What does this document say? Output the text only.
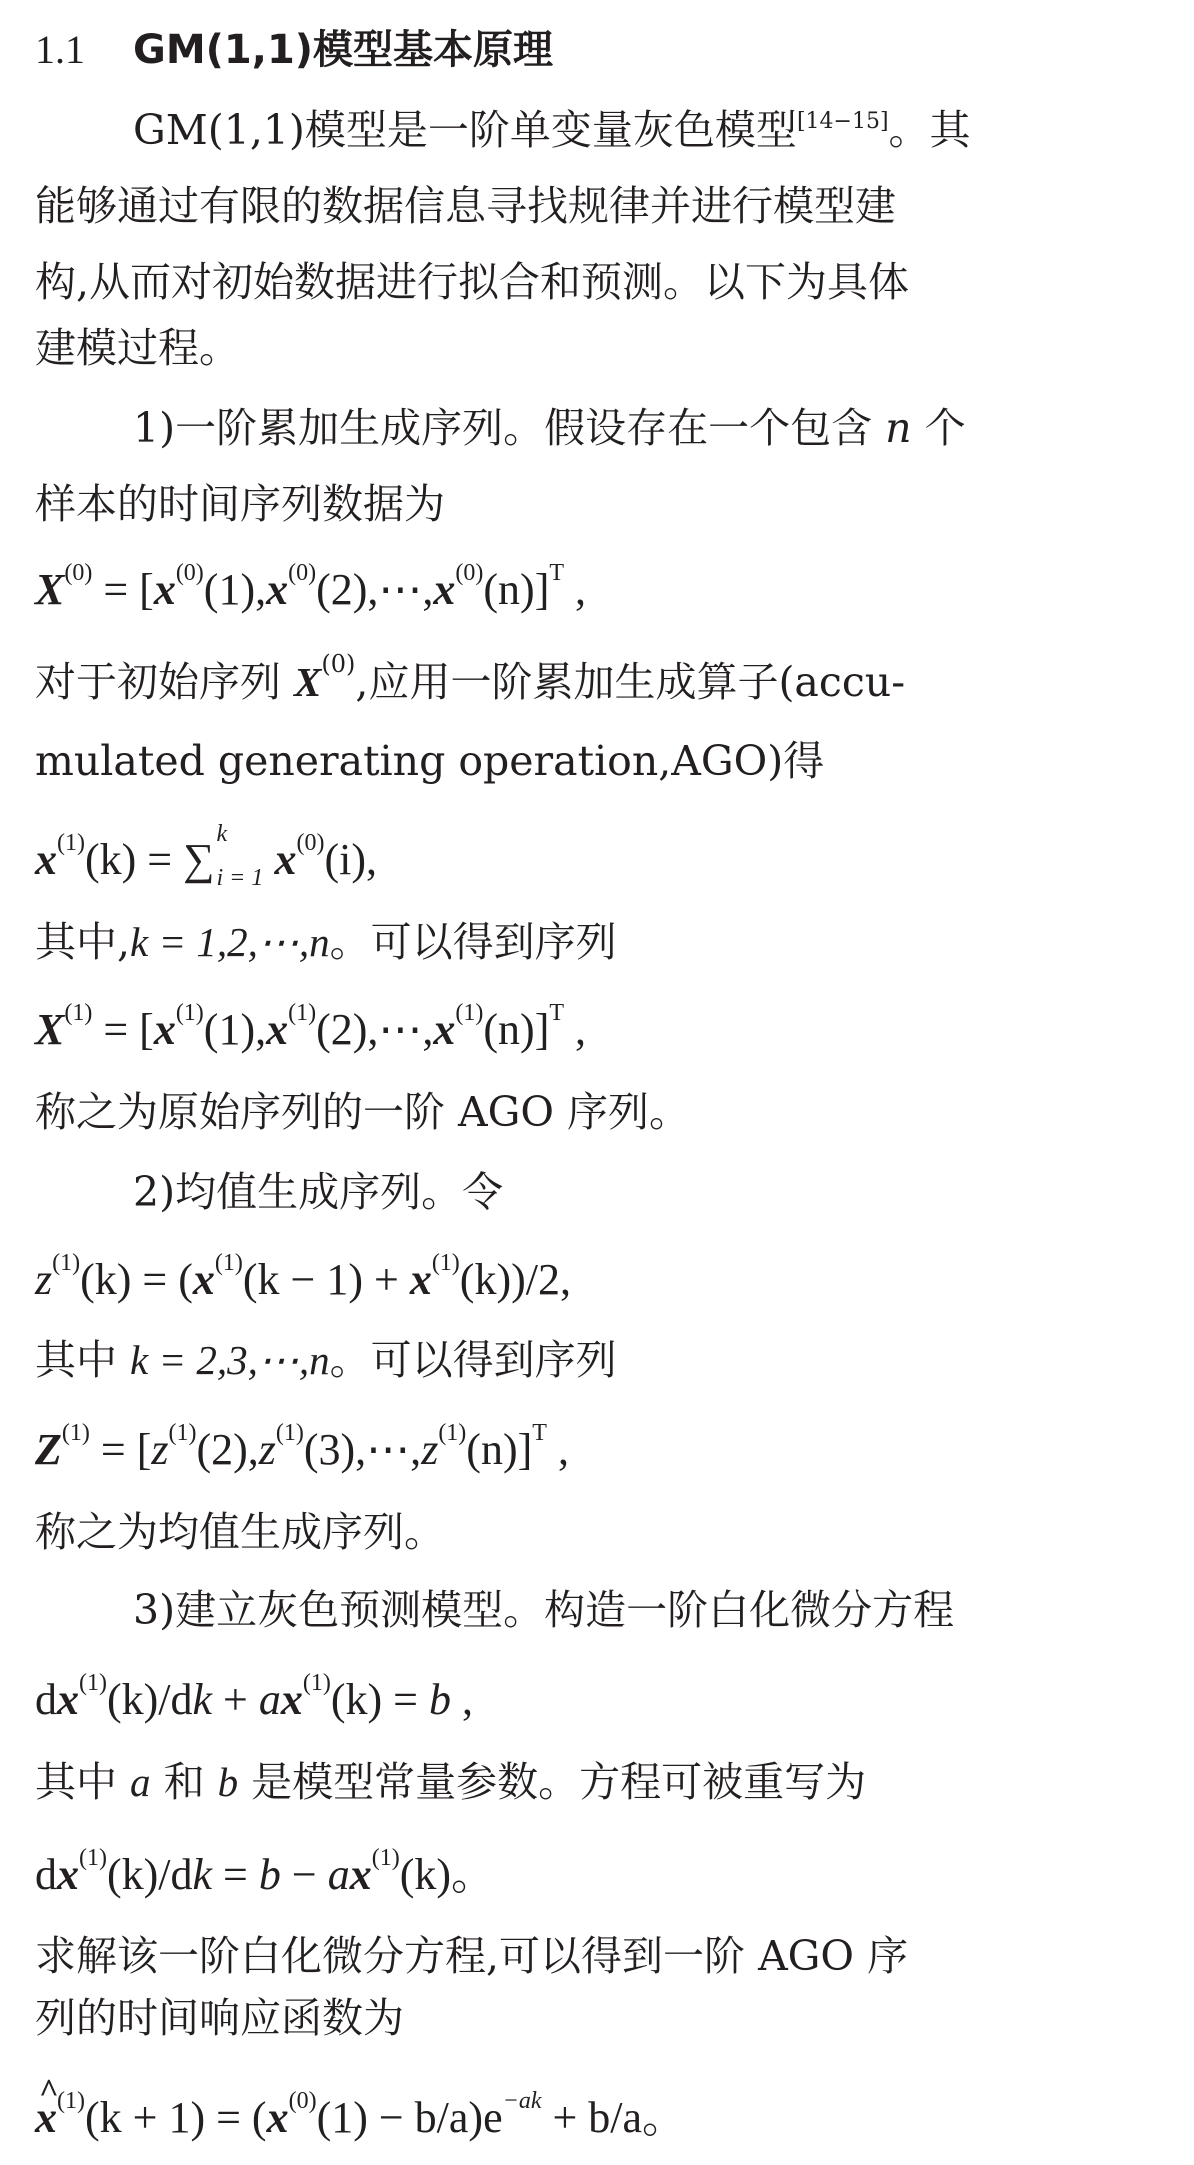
1.1 GM(1,1)模型基本原理
GM(1,1)模型是一阶单变量灰色模型[14−15]。其
能够通过有限的数据信息寻找规律并进行模型建
构,从而对初始数据进行拟合和预测。以下为具体
建模过程。
1)一阶累加生成序列。假设存在一个包含 n 个
样本的时间序列数据为
$X^{(0)}$ = $[x^{(0)}(1),x^{(0)}(2),\cdots,x^{(0)}(n)]^T$ ,
对于初始序列 $X^{(0)}$,应用一阶累加生成算子(accu-
mulated generating operation,AGO)得
$x^{(1)}(k)$ = ∑
k
i = 1 $x^{(0)}(i)$,
其中,k = 1,2,⋯,n。可以得到序列
$X^{(1)}$ = $[x^{(1)}(1),x^{(1)}(2),\cdots,x^{(1)}(n)]^T$ ,
称之为原始序列的一阶 AGO 序列。
2)均值生成序列。令
$z^{(1)}(k) = (x^{(1)}(k - 1) + x^{(1)}(k))/2$,
其中 k = 2,3,⋯,n。可以得到序列
$Z^{(1)}$ = $[z^{(1)}(2),z^{(1)}(3),\cdots,z^{(1)}(n)]^T$ ,
称之为均值生成序列。
3)建立灰色预测模型。构造一阶白化微分方程
$dx^{(1)}(k)/dk + ax^{(1)}(k) = b$ ,
其中 a 和 b 是模型常量参数。方程可被重写为
$dx^{(1)}(k)/dk = b - ax^{(1)}(k)$。
求解该一阶白化微分方程,可以得到一阶 AGO 序
列的时间响应函数为
^ $x^{(1)}(k + 1) = (x^{(0)}(1) - b/a)e^{-ak} + b/a$。
